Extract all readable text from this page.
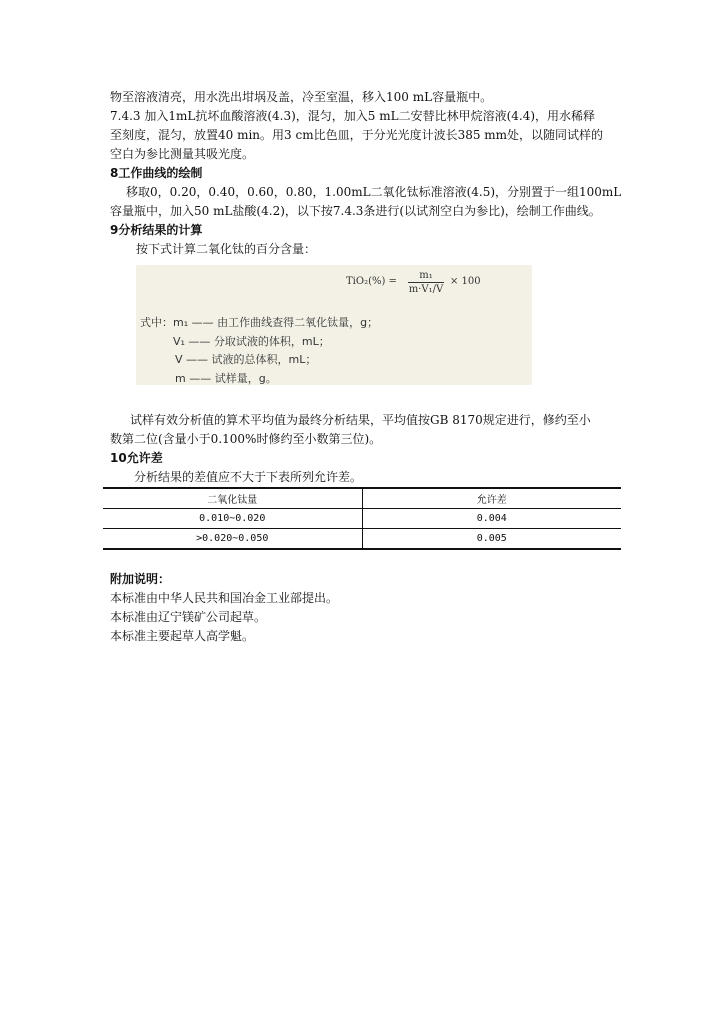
物至溶液清亮，用水洗出坩埚及盖，冷至室温，移入100 mL容量瓶中。

7.4.3 加入1mL抗坏血酸溶液(4.3)，混匀，加入5 mL二安替比林甲烷溶液(4.4)，用水稀释

至刻度，混匀，放置40 min。用3 cm比色皿，于分光光度计波长385 mm处，以随同试样的

空白为参比测量其吸光度。

8工作曲线的绘制

移取0，0.20，0.40，0.60，0.80，1.00mL二氧化钛标准溶液(4.5)，分别置于一组100mL

容量瓶中，加入50 mL盐酸(4.2)，以下按7.4.3条进行(以试剂空白为参比)，绘制工作曲线。

9分析结果的计算

按下式计算二氧化钛的百分含量：

TiO₂(%) =
m₁
m·V₁/V
× 100
式中：m₁ —— 由工作曲线查得二氧化钛量，g；
V₁ —— 分取试液的体积，mL；
V —— 试液的总体积，mL；
m —— 试样量，g。

试样有效分析值的算术平均值为最终分析结果，平均值按GB 8170规定进行，修约至小

数第二位(含量小于0.100%时修约至小数第三位)。

10允许差

分析结果的差值应不大于下表所列允许差。

二氧化钛量	允许差
0.010~0.020	0.004
>0.020~0.050	0.005

附加说明：

本标准由中华人民共和国冶金工业部提出。

本标准由辽宁镁矿公司起草。

本标准主要起草人高学魁。
